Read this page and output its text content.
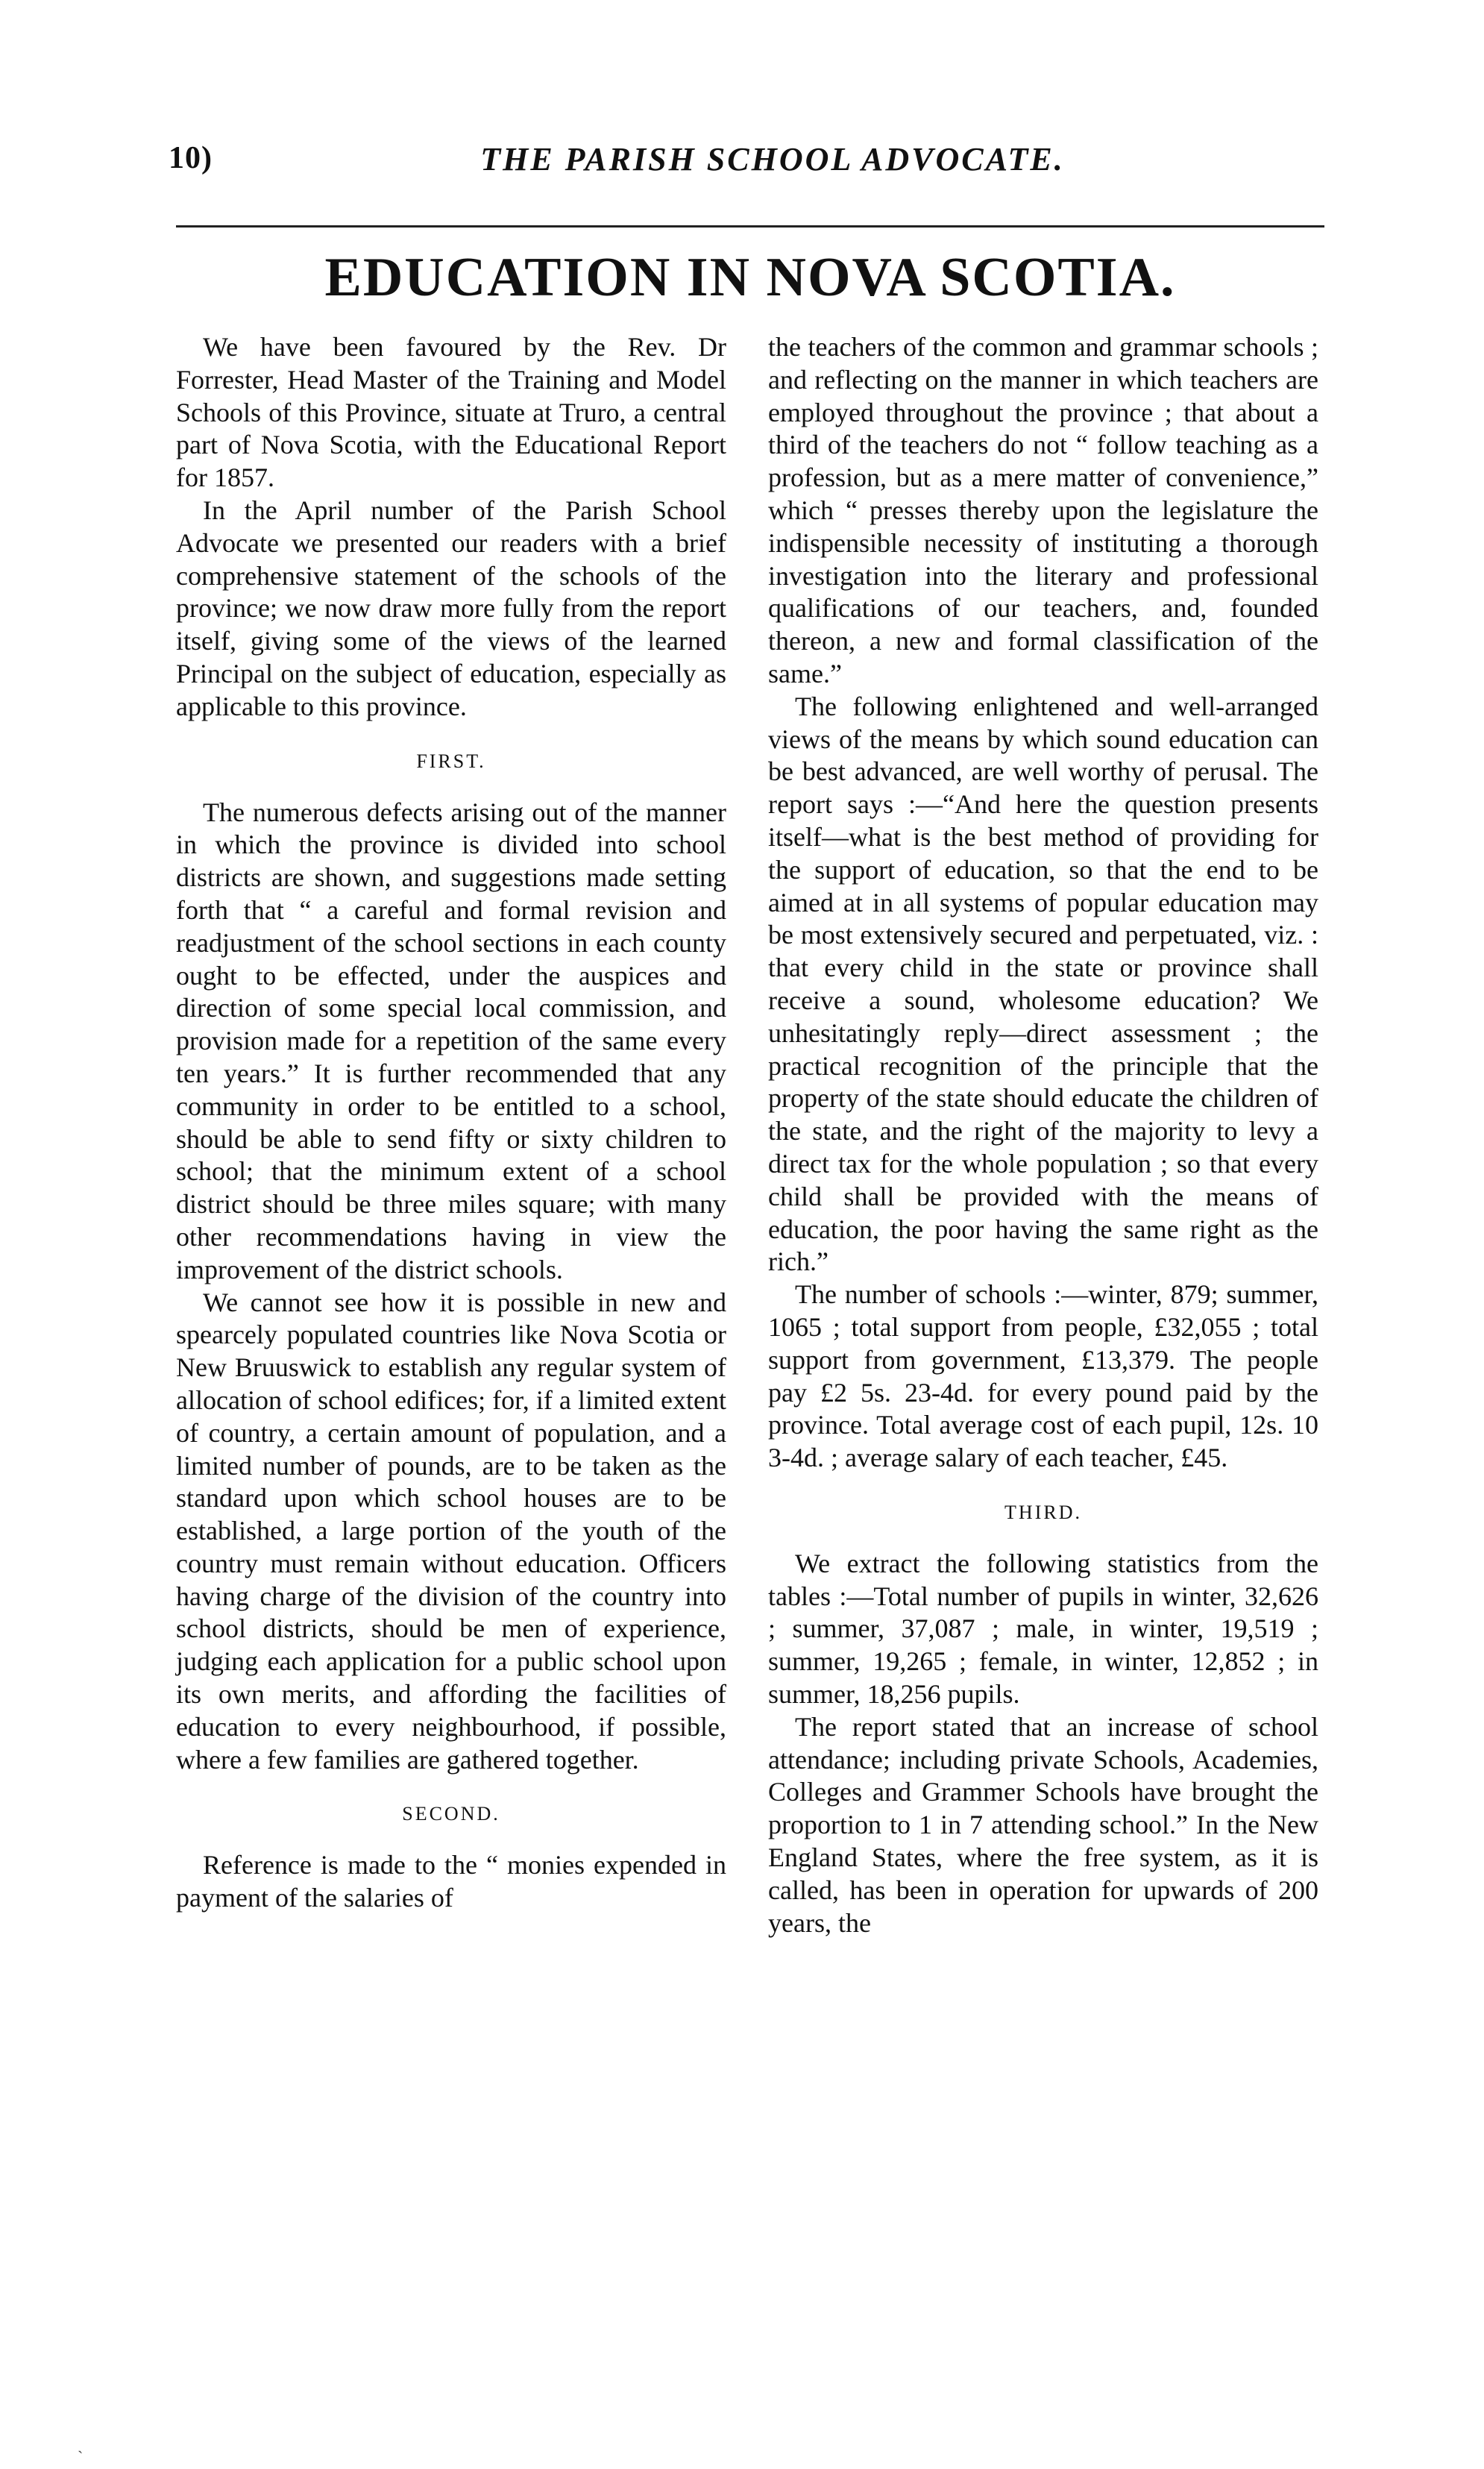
10)	THE PARISH SCHOOL ADVOCATE.
EDUCATION IN NOVA SCOTIA.

We have been favoured by the Rev. Dr Forrester, Head Master of the Training and Model Schools of this Province, situate at Truro, a central part of Nova Scotia, with the Educational Report for 1857.

In the April number of the Parish School Advocate we presented our readers with a brief comprehensive statement of the schools of the province; we now draw more fully from the report itself, giving some of the views of the learned Principal on the subject of education, especially as applicable to this province.

FIRST.

The numerous defects arising out of the manner in which the province is divided into school districts are shown, and suggestions made setting forth that “ a careful and formal revision and readjustment of the school sections in each county ought to be effected, under the auspices and direction of some special local commission, and provision made for a repetition of the same every ten years.” It is further recommended that any community in order to be entitled to a school, should be able to send fifty or sixty children to school; that the minimum extent of a school district should be three miles square; with many other recommendations having in view the improvement of the district schools.

We cannot see how it is possible in new and spearcely populated countries like Nova Scotia or New Bruuswick to establish any regular system of allocation of school edifices; for, if a limited extent of country, a certain amount of population, and a limited number of pounds, are to be taken as the standard upon which school houses are to be established, a large portion of the youth of the country must remain without education. Officers having charge of the division of the country into school districts, should be men of experience, judging each application for a public school upon its own merits, and affording the facilities of education to every neighbourhood, if possible, where a few families are gathered together.

SECOND.

Reference is made to the “ monies expended in payment of the salaries of

the teachers of the common and grammar schools ; and reflecting on the manner in which teachers are employed throughout the province ; that about a third of the teachers do not “ follow teaching as a profession, but as a mere matter of convenience,” which “ presses thereby upon the legislature the indispensible necessity of instituting a thorough investigation into the literary and professional qualifications of our teachers, and, founded thereon, a new and formal classification of the same.”

The following enlightened and well-arranged views of the means by which sound education can be best advanced, are well worthy of perusal. The report says :—“And here the question presents itself—what is the best method of providing for the support of education, so that the end to be aimed at in all systems of popular education may be most extensively secured and perpetuated, viz. : that every child in the state or province shall receive a sound, wholesome education? We unhesitatingly reply—direct assessment ; the practical recognition of the principle that the property of the state should educate the children of the state, and the right of the majority to levy a direct tax for the whole population ; so that every child shall be provided with the means of education, the poor having the same right as the rich.”

The number of schools :—winter, 879; summer, 1065 ; total support from people, £32,055 ; total support from government, £13,379. The people pay £2 5s. 23-4d. for every pound paid by the province. Total average cost of each pupil, 12s. 10 3-4d. ; average salary of each teacher, £45.

THIRD.

We extract the following statistics from the tables :—Total number of pupils in winter, 32,626 ; summer, 37,087 ; male, in winter, 19,519 ; summer, 19,265 ; female, in winter, 12,852 ; in summer, 18,256 pupils.

The report stated that an increase of school attendance; including private Schools, Academies, Colleges and Grammer Schools have brought the proportion to 1 in 7 attending school.” In the New England States, where the free system, as it is called, has been in operation for upwards of 200 years, the

ˎ
